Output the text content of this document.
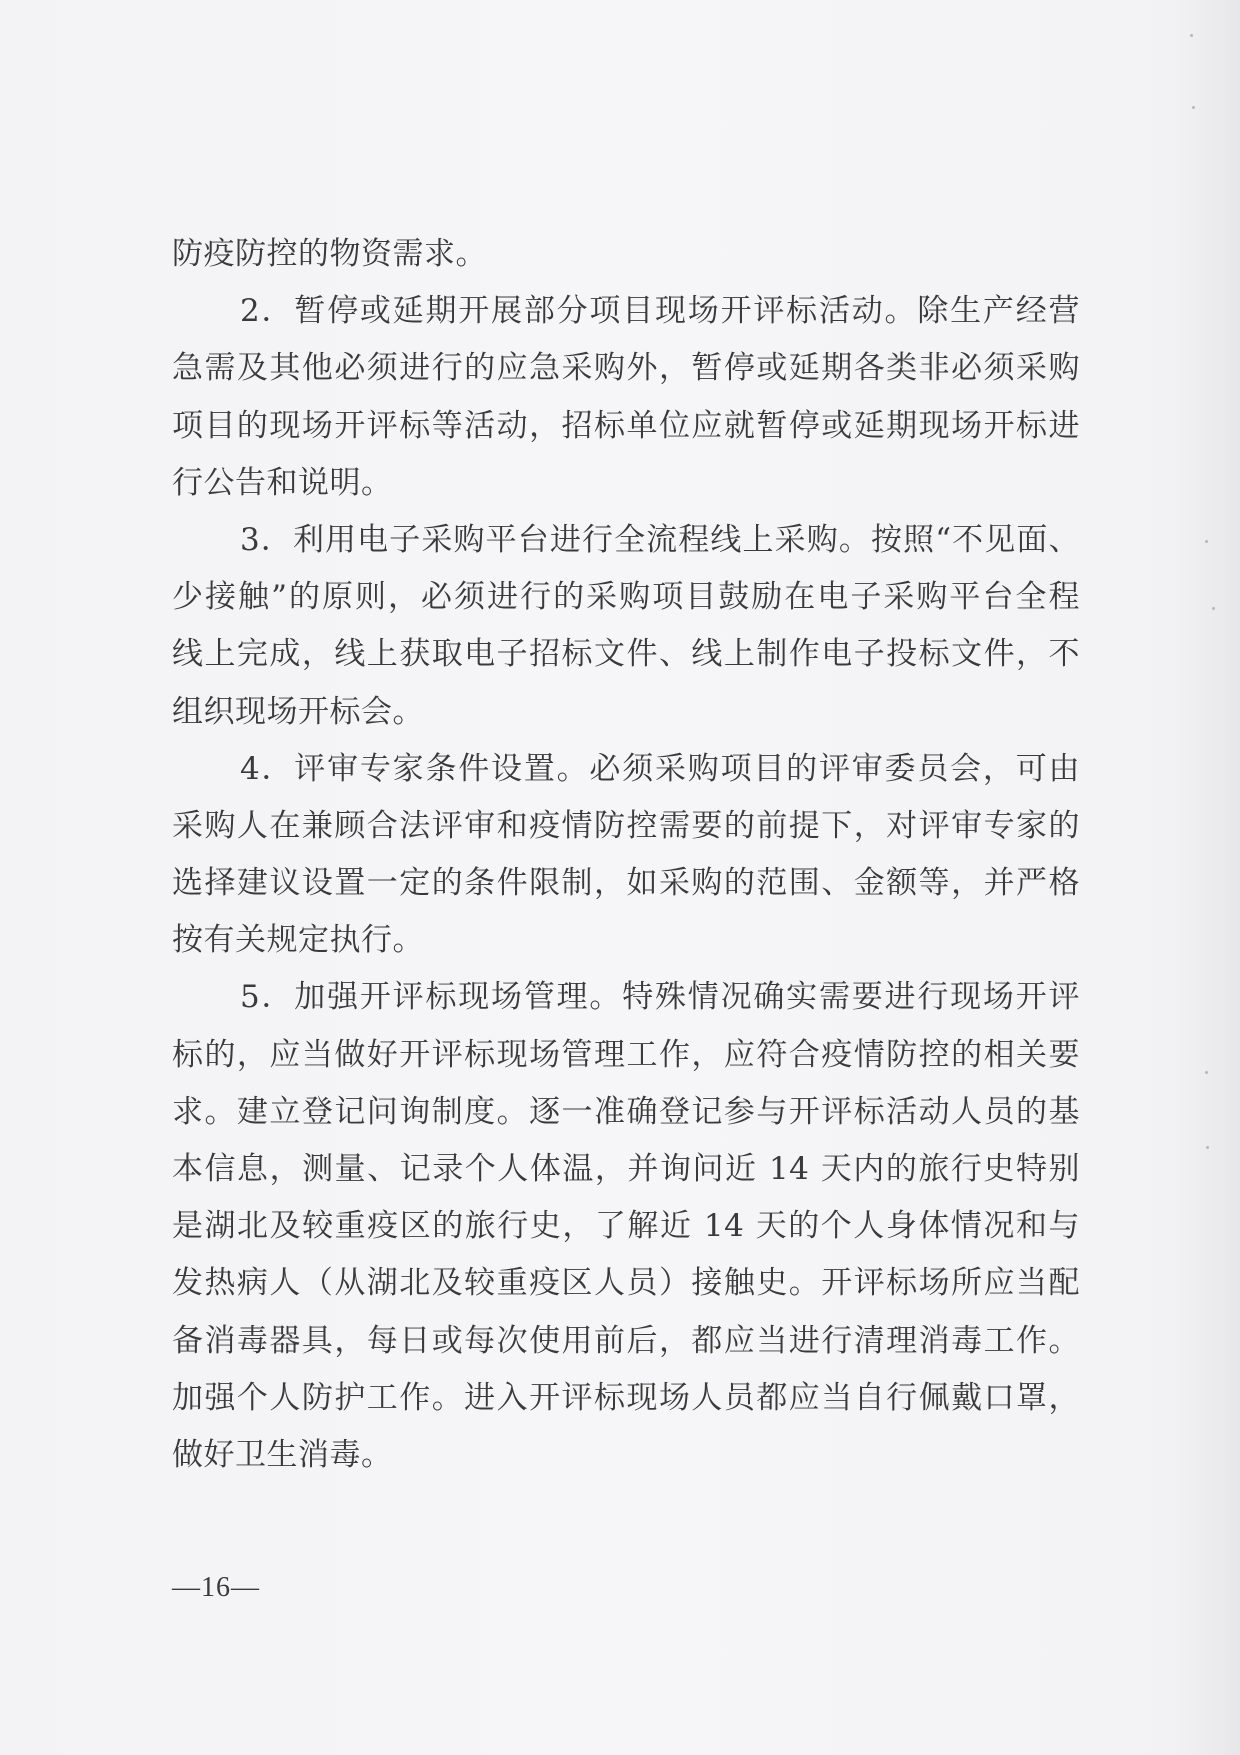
防疫防控的物资需求。
2．暂停或延期开展部分项目现场开评标活动。除生产经营
急需及其他必须进行的应急采购外，暂停或延期各类非必须采购
项目的现场开评标等活动，招标单位应就暂停或延期现场开标进
行公告和说明。
3．利用电子采购平台进行全流程线上采购。按照“不见面、
少接触”的原则，必须进行的采购项目鼓励在电子采购平台全程
线上完成，线上获取电子招标文件、线上制作电子投标文件，不
组织现场开标会。
4．评审专家条件设置。必须采购项目的评审委员会，可由
采购人在兼顾合法评审和疫情防控需要的前提下，对评审专家的
选择建议设置一定的条件限制，如采购的范围、金额等，并严格
按有关规定执行。
5．加强开评标现场管理。特殊情况确实需要进行现场开评
标的，应当做好开评标现场管理工作，应符合疫情防控的相关要
求。建立登记问询制度。逐一准确登记参与开评标活动人员的基
本信息，测量、记录个人体温，并询问近 14 天内的旅行史特别
是湖北及较重疫区的旅行史，了解近 14 天的个人身体情况和与
发热病人（从湖北及较重疫区人员）接触史。开评标场所应当配
备消毒器具，每日或每次使用前后，都应当进行清理消毒工作。
加强个人防护工作。进入开评标现场人员都应当自行佩戴口罩，
做好卫生消毒。
—16—
